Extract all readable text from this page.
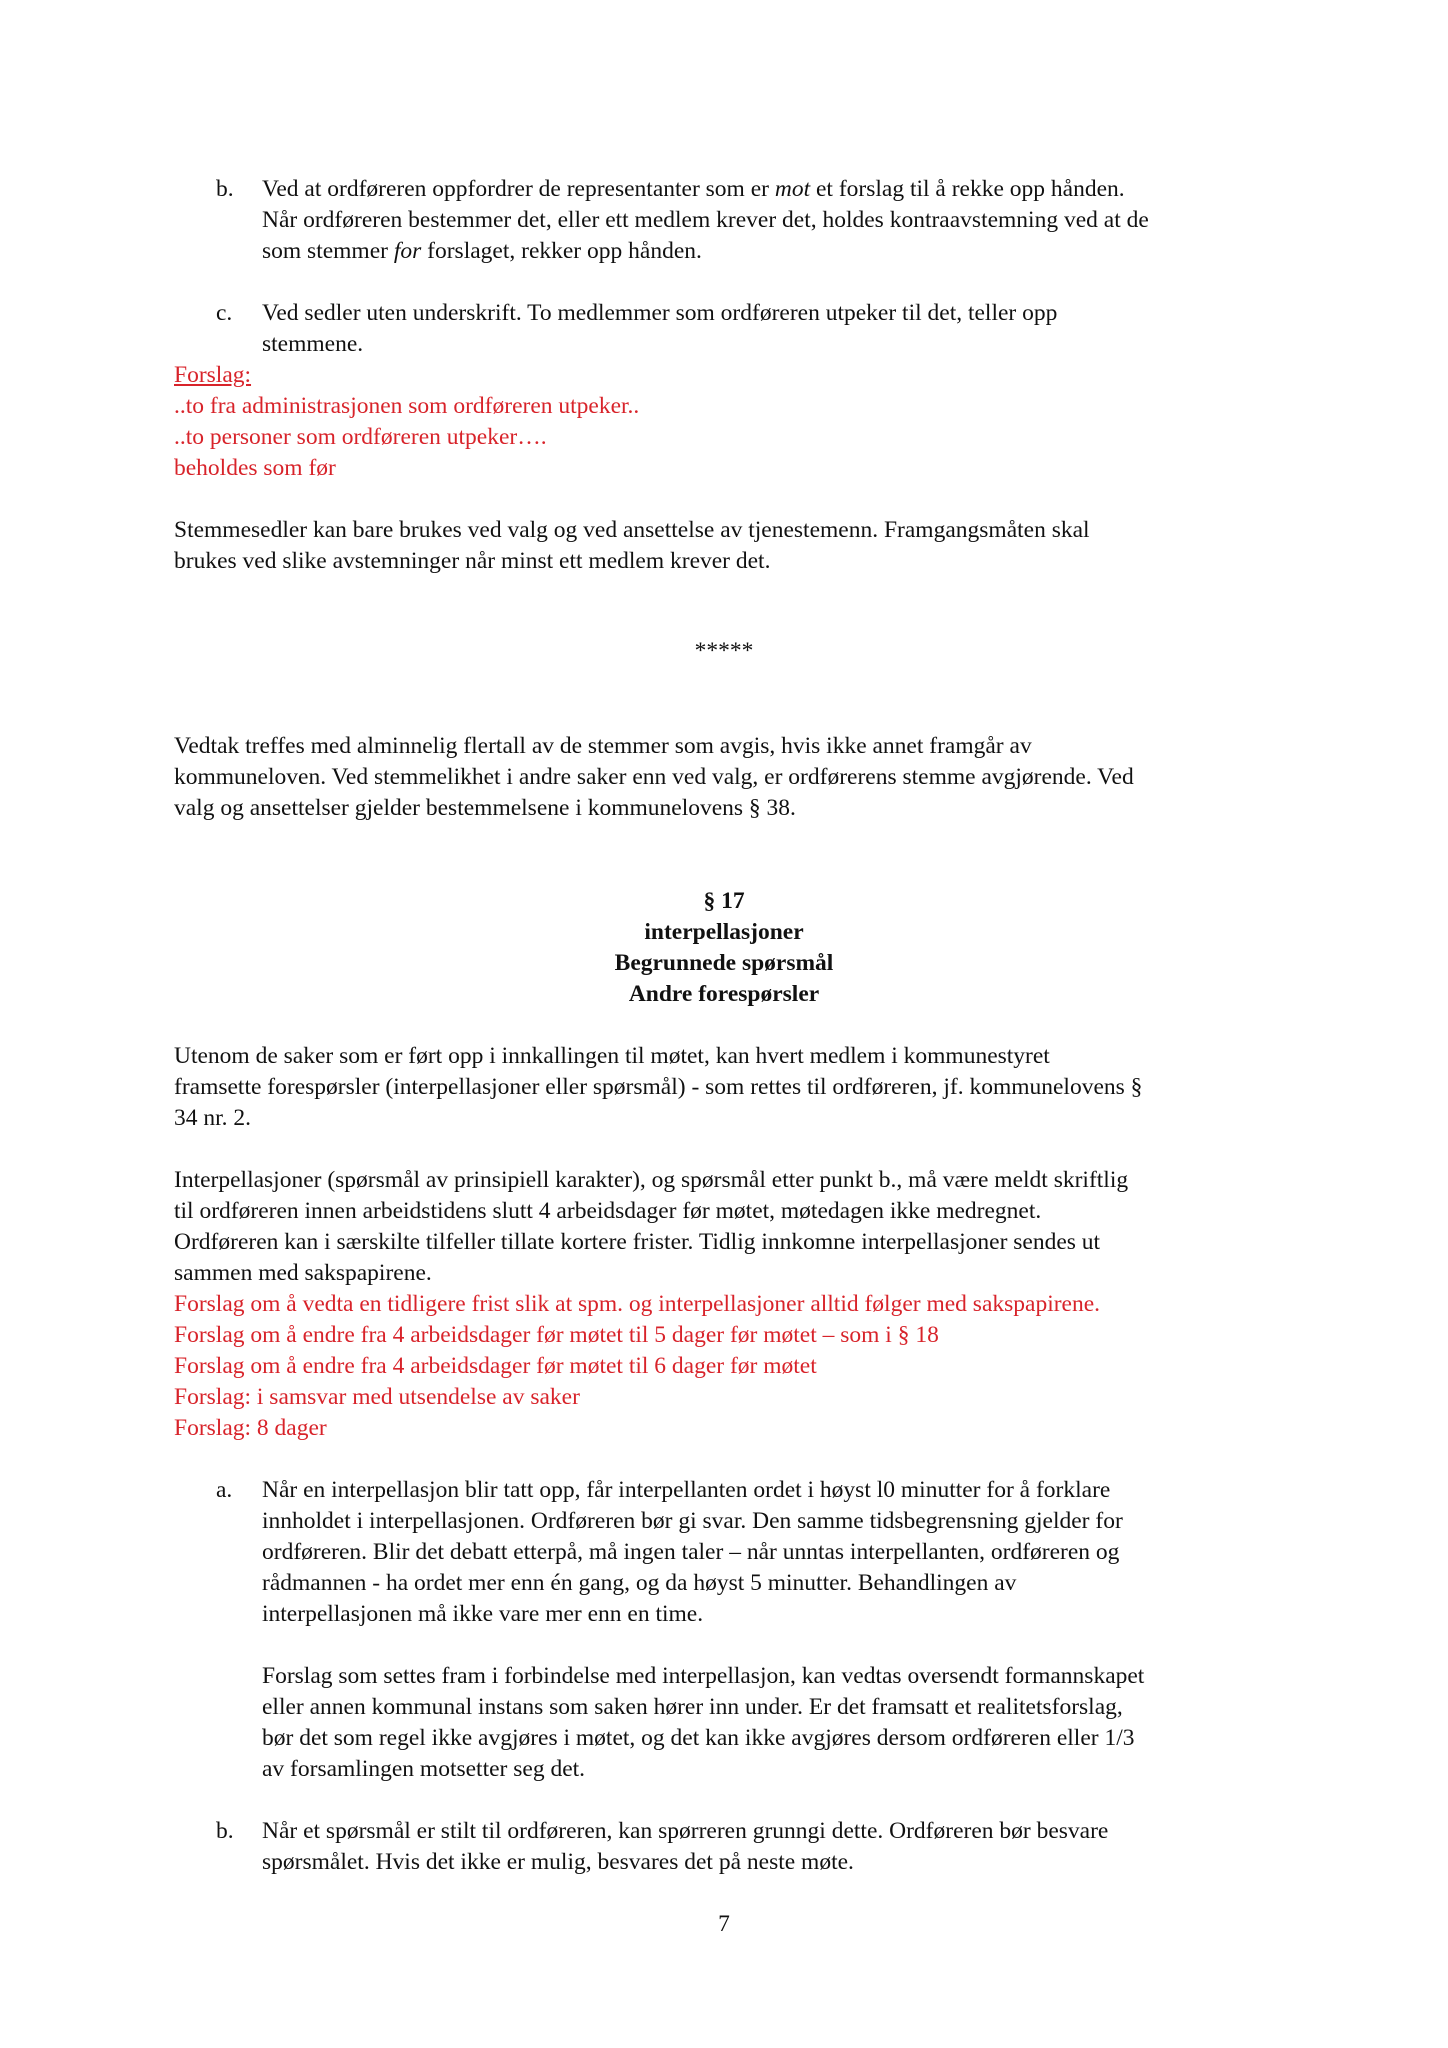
b. Ved at ordføreren oppfordrer de representanter som er mot et forslag til å rekke opp hånden.
Når ordføreren bestemmer det, eller ett medlem krever det, holdes kontraavstemning ved at de
som stemmer for forslaget, rekker opp hånden.
c. Ved sedler uten underskrift. To medlemmer som ordføreren utpeker til det, teller opp
stemmene.
Forslag:
..to fra administrasjonen som ordføreren utpeker..
..to personer som ordføreren utpeker….
beholdes som før
Stemmesedler kan bare brukes ved valg og ved ansettelse av tjenestemenn. Framgangsmåten skal
brukes ved slike avstemninger når minst ett medlem krever det.
*****
Vedtak treffes med alminnelig flertall av de stemmer som avgis, hvis ikke annet framgår av
kommuneloven. Ved stemmelikhet i andre saker enn ved valg, er ordførerens stemme avgjørende. Ved
valg og ansettelser gjelder bestemmelsene i kommunelovens § 38.
§ 17
interpellasjoner
Begrunnede spørsmål
Andre forespørsler
Utenom de saker som er ført opp i innkallingen til møtet, kan hvert medlem i kommunestyret
framsette forespørsler (interpellasjoner eller spørsmål) - som rettes til ordføreren, jf. kommunelovens §
34 nr. 2.
Interpellasjoner (spørsmål av prinsipiell karakter), og spørsmål etter punkt b., må være meldt skriftlig
til ordføreren innen arbeidstidens slutt 4 arbeidsdager før møtet, møtedagen ikke medregnet.
Ordføreren kan i særskilte tilfeller tillate kortere frister. Tidlig innkomne interpellasjoner sendes ut
sammen med sakspapirene.
Forslag om å vedta en tidligere frist slik at spm. og interpellasjoner alltid følger med sakspapirene.
Forslag om å endre fra 4 arbeidsdager før møtet til 5 dager før møtet – som i § 18
Forslag om å endre fra 4 arbeidsdager før møtet til 6 dager før møtet
Forslag: i samsvar med utsendelse av saker
Forslag: 8 dager
a. Når en interpellasjon blir tatt opp, får interpellanten ordet i høyst l0 minutter for å forklare
innholdet i interpellasjonen. Ordføreren bør gi svar. Den samme tidsbegrensning gjelder for
ordføreren. Blir det debatt etterpå, må ingen taler – når unntas interpellanten, ordføreren og
rådmannen - ha ordet mer enn én gang, og da høyst 5 minutter. Behandlingen av
interpellasjonen må ikke vare mer enn en time.
Forslag som settes fram i forbindelse med interpellasjon, kan vedtas oversendt formannskapet
eller annen kommunal instans som saken hører inn under. Er det framsatt et realitetsforslag,
bør det som regel ikke avgjøres i møtet, og det kan ikke avgjøres dersom ordføreren eller 1/3
av forsamlingen motsetter seg det.
b. Når et spørsmål er stilt til ordføreren, kan spørreren grunngi dette. Ordføreren bør besvare
spørsmålet. Hvis det ikke er mulig, besvares det på neste møte.
7
